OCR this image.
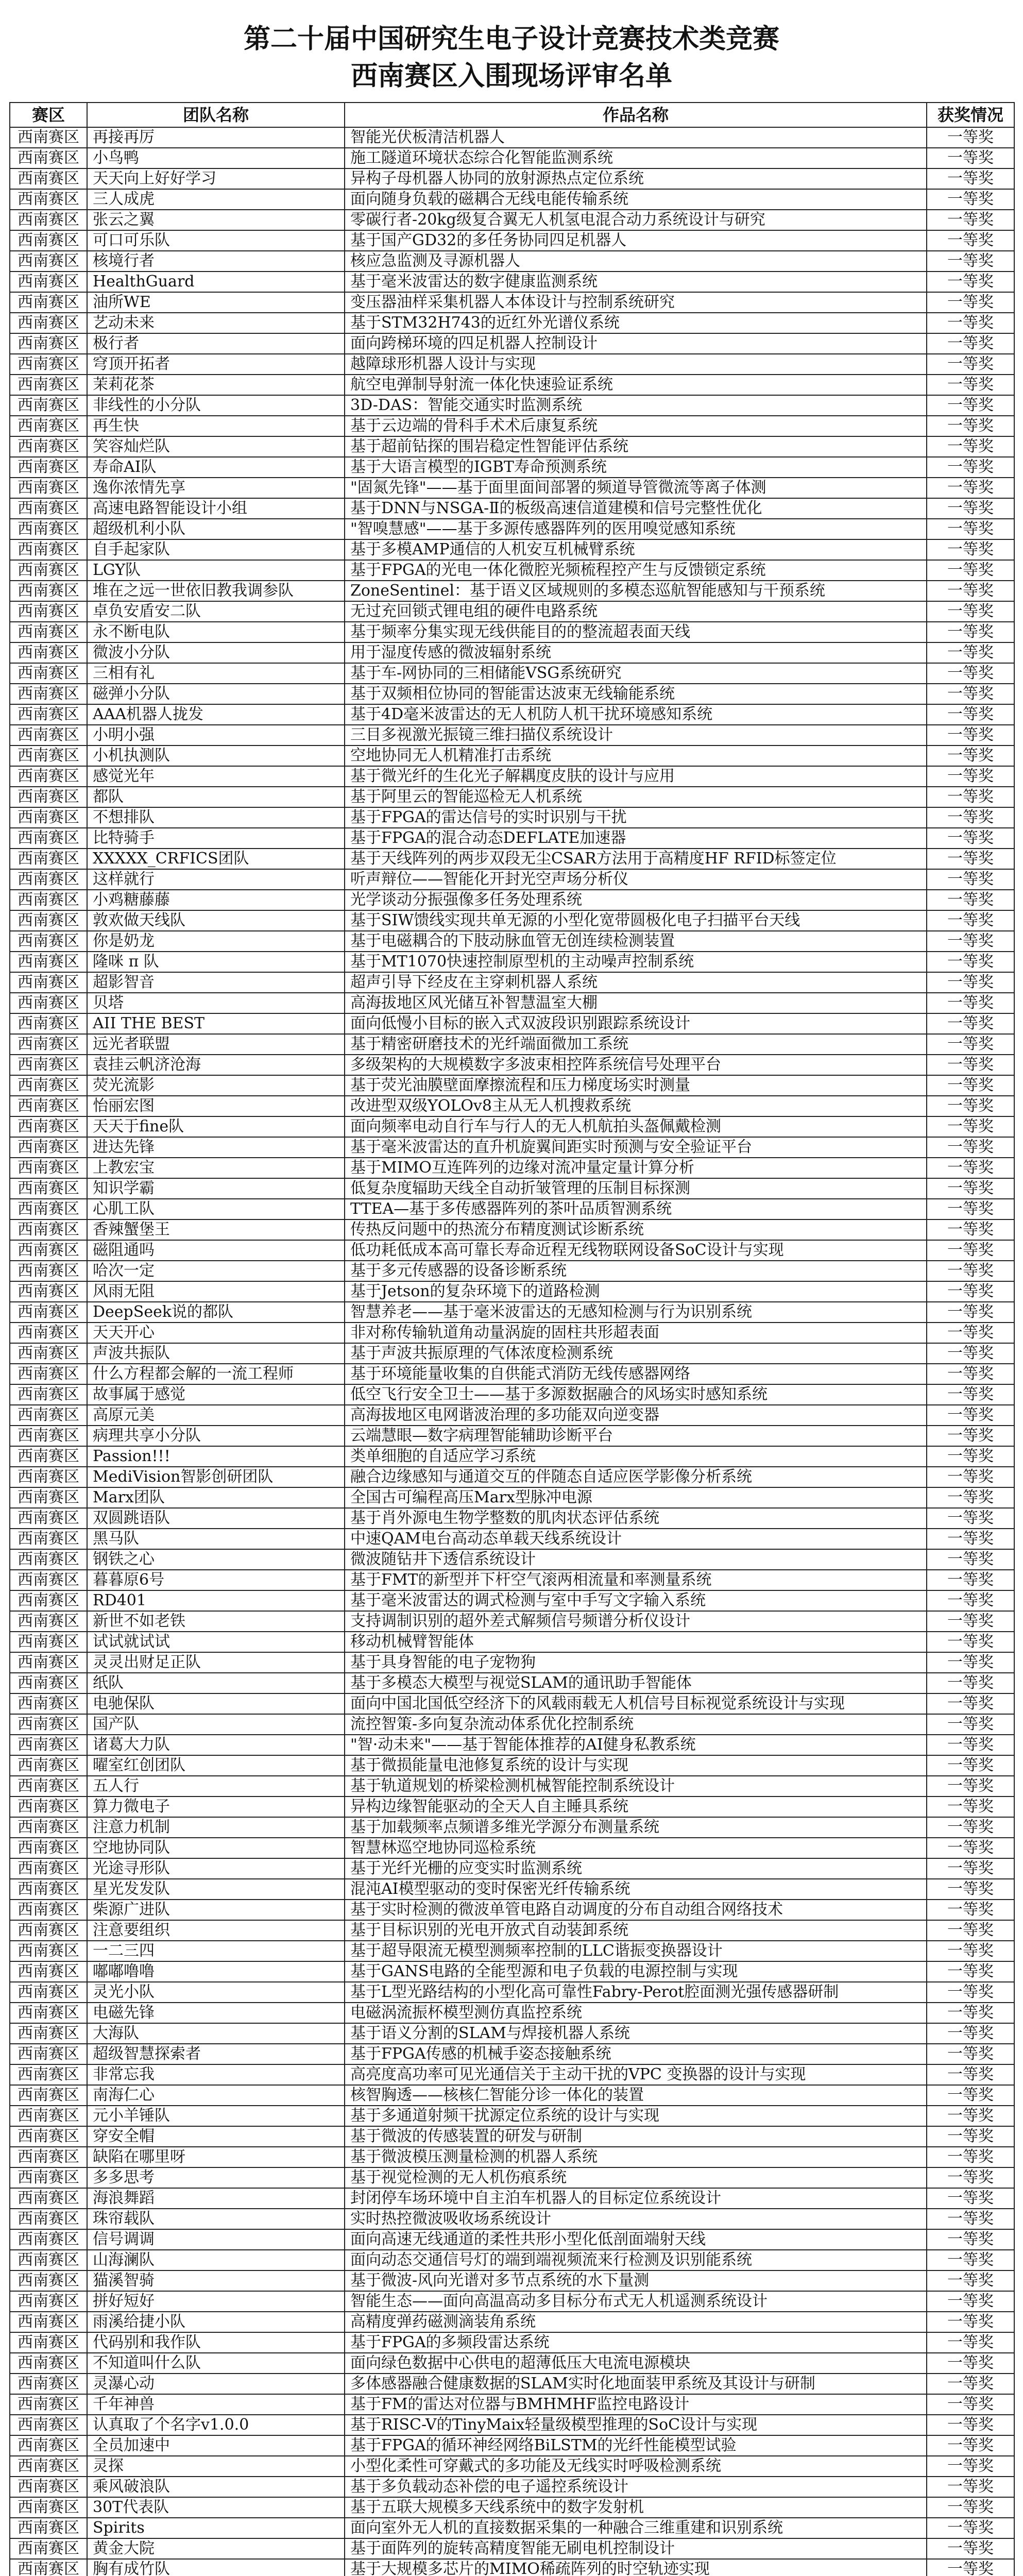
第二十届中国研究生电子设计竞赛技术类竞赛
西南赛区入围现场评审名单
赛区	团队名称	作品名称	获奖情况
西南赛区	再接再厉	智能光伏板清洁机器人	一等奖
西南赛区	小鸟鸭	施工隧道环境状态综合化智能监测系统	一等奖
西南赛区	天天向上好好学习	异构子母机器人协同的放射源热点定位系统	一等奖
西南赛区	三人成虎	面向随身负载的磁耦合无线电能传输系统	一等奖
西南赛区	张云之翼	零碳行者-20kg级复合翼无人机氢电混合动力系统设计与研究	一等奖
西南赛区	可口可乐队	基于国产GD32的多任务协同四足机器人	一等奖
西南赛区	核境行者	核应急监测及寻源机器人	一等奖
西南赛区	HealthGuard	基于毫米波雷达的数字健康监测系统	一等奖
西南赛区	油所WE	变压器油样采集机器人本体设计与控制系统研究	一等奖
西南赛区	艺动未来	基于STM32H743的近红外光谱仪系统	一等奖
西南赛区	极行者	面向跨梯环境的四足机器人控制设计	一等奖
西南赛区	穹顶开拓者	越障球形机器人设计与实现	一等奖
西南赛区	茉莉花茶	航空电弹制导射流一体化快速验证系统	一等奖
西南赛区	非线性的小分队	3D-DAS：智能交通实时监测系统	一等奖
西南赛区	再生快	基于云边端的骨科手术术后康复系统	一等奖
西南赛区	笑容灿烂队	基于超前钻探的围岩稳定性智能评估系统	一等奖
西南赛区	寿命AI队	基于大语言模型的IGBT寿命预测系统	一等奖
西南赛区	逸你浓情先享	"固氮先锋"——基于面里面间部署的频道导管微流等离子体测	一等奖
西南赛区	高速电路智能设计小组	基于DNN与NSGA-Ⅱ的板级高速信道建模和信号完整性优化	一等奖
西南赛区	超级机利小队	"智嗅慧感"——基于多源传感器阵列的医用嗅觉感知系统	一等奖
西南赛区	自手起家队	基于多模AMP通信的人机安互机械臂系统	一等奖
西南赛区	LGY队	基于FPGA的光电一体化微腔光频梳程控产生与反馈锁定系统	一等奖
西南赛区	堆在之远一世依旧教我调参队	ZoneSentinel：基于语义区域规则的多模态巡航智能感知与干预系统	一等奖
西南赛区	卓负安盾安二队	无过充回锁式锂电组的硬件电路系统	一等奖
西南赛区	永不断电队	基于频率分集实现无线供能目的的整流超表面天线	一等奖
西南赛区	微波小分队	用于湿度传感的微波辐射系统	一等奖
西南赛区	三相有礼	基于车-网协同的三相储能VSG系统研究	一等奖
西南赛区	磁弹小分队	基于双频相位协同的智能雷达波束无线输能系统	一等奖
西南赛区	AAA机器人拢发	基于4D毫米波雷达的无人机防人机干扰环境感知系统	一等奖
西南赛区	小明小强	三目多视激光振镜三维扫描仪系统设计	一等奖
西南赛区	小机执测队	空地协同无人机精准打击系统	一等奖
西南赛区	感觉光年	基于微光纤的生化光子解耦度皮肤的设计与应用	一等奖
西南赛区	都队	基于阿里云的智能巡检无人机系统	一等奖
西南赛区	不想排队	基于FPGA的雷达信号的实时识别与干扰	一等奖
西南赛区	比特骑手	基于FPGA的混合动态DEFLATE加速器	一等奖
西南赛区	XXXXX_CRFICS团队	基于天线阵列的两步双段无尘CSAR方法用于高精度HF RFID标签定位	一等奖
西南赛区	这样就行	听声辩位——智能化开封光空声场分析仪	一等奖
西南赛区	小鸡糖藤藤	光学谈动分振强像多任务处理系统	一等奖
西南赛区	敦欢做天线队	基于SIW馈线实现共单无源的小型化宽带圆极化电子扫描平台天线	一等奖
西南赛区	你是奶龙	基于电磁耦合的下肢动脉血管无创连续检测装置	一等奖
西南赛区	隆咪 π 队	基于MT1070快速控制原型机的主动噪声控制系统	一等奖
西南赛区	超影智音	超声引导下经皮在主穿刺机器人系统	一等奖
西南赛区	贝塔	高海拔地区风光储互补智慧温室大棚	一等奖
西南赛区	AII THE BEST	面向低慢小目标的嵌入式双波段识别跟踪系统设计	一等奖
西南赛区	远光者联盟	基于精密研磨技术的光纤端面微加工系统	一等奖
西南赛区	袁挂云帆济沧海	多级架构的大规模数字多波束相控阵系统信号处理平台	一等奖
西南赛区	荧光流影	基于荧光油膜壁面摩擦流程和压力梯度场实时测量	一等奖
西南赛区	怡丽宏图	改进型双级YOLOv8主从无人机搜救系统	一等奖
西南赛区	天天于fine队	面向频率电动自行车与行人的无人机航拍头盔佩戴检测	一等奖
西南赛区	进达先锋	基于毫米波雷达的直升机旋翼间距实时预测与安全验证平台	一等奖
西南赛区	上教宏宝	基于MIMO互连阵列的边缘对流冲量定量计算分析	一等奖
西南赛区	知识学霸	低复杂度辐助天线全自动折皱管理的压制目标探测	一等奖
西南赛区	心肌工队	TTEA—基于多传感器阵列的茶叶品质智测系统	一等奖
西南赛区	香辣蟹堡王	传热反问题中的热流分布精度测试诊断系统	一等奖
西南赛区	磁阻通吗	低功耗低成本高可靠长寿命近程无线物联网设备SoC设计与实现	一等奖
西南赛区	哈次一定	基于多元传感器的设备诊断系统	一等奖
西南赛区	风雨无阻	基于Jetson的复杂环境下的道路检测	一等奖
西南赛区	DeepSeek说的都队	智慧养老——基于毫米波雷达的无感知检测与行为识别系统	一等奖
西南赛区	天天开心	非对称传输轨道角动量涡旋的固柱共形超表面	一等奖
西南赛区	声波共振队	基于声波共振原理的气体浓度检测系统	一等奖
西南赛区	什么方程都会解的一流工程师	基于环境能量收集的自供能式消防无线传感器网络	一等奖
西南赛区	故事属于感觉	低空飞行安全卫士——基于多源数据融合的风场实时感知系统	一等奖
西南赛区	高原元美	高海拔地区电网谐波治理的多功能双向逆变器	一等奖
西南赛区	病理共享小分队	云端慧眼—数字病理智能辅助诊断平台	一等奖
西南赛区	Passion!!!	类单细胞的自适应学习系统	一等奖
西南赛区	MediVision智影创研团队	融合边缘感知与通道交互的伴随态自适应医学影像分析系统	一等奖
西南赛区	Marx团队	全国古可编程高压Marx型脉冲电源	一等奖
西南赛区	双圆跳语队	基于肖外源电生物学整数的肌肉状态评估系统	一等奖
西南赛区	黑马队	中速QAM电台高动态单载天线系统设计	一等奖
西南赛区	钢铁之心	微波随钻井下透信系统设计	一等奖
西南赛区	暮暮原6号	基于FMT的新型并下杆空气滚两相流量和率测量系统	一等奖
西南赛区	RD401	基于毫米波雷达的调式检测与室中手写文字输入系统	一等奖
西南赛区	新世不如老铁	支持调制识别的超外差式解频信号频谱分析仪设计	一等奖
西南赛区	试试就试试	移动机械臂智能体	一等奖
西南赛区	灵灵出财足正队	基于具身智能的电子宠物狗	一等奖
西南赛区	纸队	基于多模态大模型与视觉SLAM的通讯助手智能体	一等奖
西南赛区	电驰保队	面向中国北国低空经济下的风载雨载无人机信号目标视觉系统设计与实现	一等奖
西南赛区	国产队	流控智策-多向复杂流动体系优化控制系统	一等奖
西南赛区	诸葛大力队	"智·动未来"——基于智能体推荐的AI健身私教系统	一等奖
西南赛区	曜室红创团队	基于微损能量电池修复系统的设计与实现	一等奖
西南赛区	五人行	基于轨道规划的桥梁检测机械智能控制系统设计	一等奖
西南赛区	算力微电子	异构边缘智能驱动的全天人自主睡具系统	一等奖
西南赛区	注意力机制	基于加载频率点频谱多维光学源分布测量系统	一等奖
西南赛区	空地协同队	智慧林巡空地协同巡检系统	一等奖
西南赛区	光途寻形队	基于光纤光栅的应变实时监测系统	一等奖
西南赛区	星光发发队	混沌AI模型驱动的变时保密光纤传输系统	一等奖
西南赛区	柴源广进队	基于实时检测的微波单管电路自动调度的分布自动组合网络技术	一等奖
西南赛区	注意要组织	基于目标识别的光电开放式自动装卸系统	一等奖
西南赛区	一二三四	基于超导限流无模型测频率控制的LLC谐振变换器设计	一等奖
西南赛区	嘟嘟噜噜	基于GANS电路的全能型源和电子负载的电源控制与实现	一等奖
西南赛区	灵光小队	基于L型光路结构的小型化高可靠性Fabry-Perot腔面测光强传感器研制	一等奖
西南赛区	电磁先锋	电磁涡流振杯模型测仿真监控系统	一等奖
西南赛区	大海队	基于语义分割的SLAM与焊接机器人系统	一等奖
西南赛区	超级智慧探索者	基于FPGA传感的机械手姿态接触系统	一等奖
西南赛区	非常忘我	高亮度高功率可见光通信关于主动干扰的VPC 变换器的设计与实现	一等奖
西南赛区	南海仁心	核智胸透——核核仁智能分诊一体化的装置	一等奖
西南赛区	元小羊锤队	基于多通道射频干扰源定位系统的设计与实现	一等奖
西南赛区	穿安全帽	基于微波的传感装置的研发与研制	一等奖
西南赛区	缺陷在哪里呀	基于微波模压测量检测的机器人系统	一等奖
西南赛区	多多思考	基于视觉检测的无人机伤痕系统	一等奖
西南赛区	海浪舞蹈	封闭停车场环境中自主泊车机器人的目标定位系统设计	一等奖
西南赛区	珠帘载队	实时热控微波吸收场系统设计	一等奖
西南赛区	信号调调	面向高速无线通道的柔性共形小型化低剖面端射天线	一等奖
西南赛区	山海澜队	面向动态交通信号灯的端到端视频流来行检测及识别能系统	一等奖
西南赛区	猫溪智骑	基于微波-风向光谱对多节点系统的水下量测	一等奖
西南赛区	拼好短好	智能生态——面向高温高动多目标分布式无人机遥测系统设计	一等奖
西南赛区	雨溪给捷小队	高精度弹药磁测滴装角系统	一等奖
西南赛区	代码别和我作队	基于FPGA的多频段雷达系统	一等奖
西南赛区	不知道叫什么队	面向绿色数据中心供电的超薄低压大电流电源模块	一等奖
西南赛区	灵瀑心动	多体感器融合健康数据的SLAM实时化地面装甲系统及其设计与研制	一等奖
西南赛区	千年神兽	基于FM的雷达对位器与BMHMHF监控电路设计	一等奖
西南赛区	认真取了个名字v1.0.0	基于RISC-V的TinyMaix轻量级模型推理的SoC设计与实现	一等奖
西南赛区	全员加速中	基于FPGA的循环神经网络BiLSTM的光纤性能模型试验	一等奖
西南赛区	灵探	小型化柔性可穿戴式的多功能及无线实时呼吸检测系统	一等奖
西南赛区	乘风破浪队	基于多负载动态补偿的电子遥控系统设计	一等奖
西南赛区	30T代表队	基于五联大规模多天线系统中的数字发射机	一等奖
西南赛区	Spirits	面向室外无人机的直接数据采集的一种融合三维重建和识别系统	一等奖
西南赛区	黄金大院	基于面阵列的旋转高精度智能无刷电机控制设计	一等奖
西南赛区	胸有成竹队	基于大规模多芯片的MIMO稀疏阵列的时空轨迹实现	一等奖
